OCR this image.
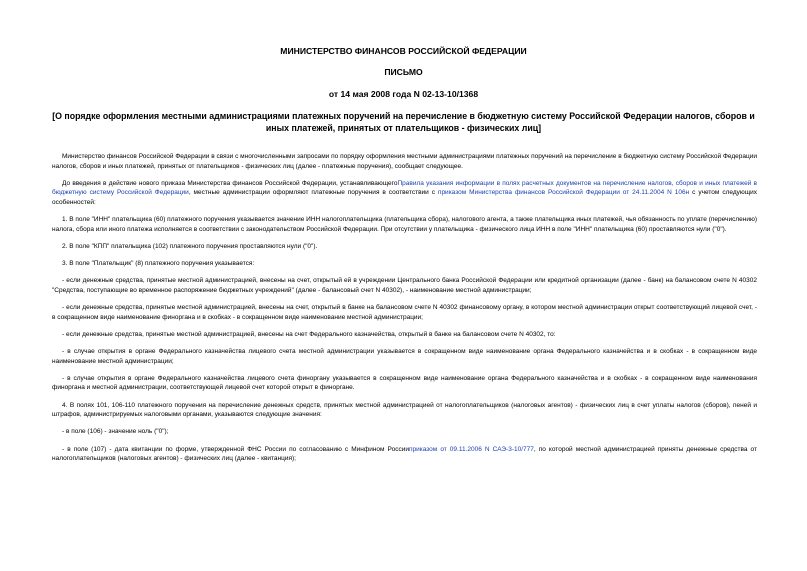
МИНИСТЕРСТВО ФИНАНСОВ РОССИЙСКОЙ ФЕДЕРАЦИИ

ПИСЬМО

от 14 мая 2008 года N 02-13-10/1368

[О порядке оформления местными администрациями платежных поручений на перечисление в бюджетную систему Российской Федерации налогов, сборов и иных платежей, принятых от плательщиков - физических лиц]

Министерство финансов Российской Федерации в связи с многочисленными запросами по порядку оформления местными администрациями платежных поручений на перечисление в бюджетную систему Российской Федерации налогов, сборов и иных платежей, принятых от плательщиков - физических лиц (далее - платежные поручения), сообщает следующее.

До введения в действие нового приказа Министерства финансов Российской Федерации, устанавливающегоПравила указания информации в полях расчетных документов на перечисление налогов, сборов и иных платежей в бюджетную систему Российской Федерации, местные администрации оформляют платежные поручения в соответствии с приказом Министерства финансов Российской Федерации от 24.11.2004 N 106н с учетом следующих особенностей:

1. В поле "ИНН" плательщика (60) платежного поручения указывается значение ИНН налогоплательщика (плательщика сбора), налогового агента, а также плательщика иных платежей, чья обязанность по уплате (перечислению) налога, сбора или иного платежа исполняется в соответствии с законодательством Российской Федерации. При отсутствии у плательщика - физического лица ИНН в поле "ИНН" плательщика (60) проставляются нули ("0").

2. В поле "КПП" плательщика (102) платежного поручения проставляются нули ("0").

3. В поле "Плательщик" (8) платежного поручения указывается:

- если денежные средства, принятые местной администрацией, внесены на счет, открытый ей в учреждении Центрального банка Российской Федерации или кредитной организации (далее - банк) на балансовом счете N 40302 "Средства, поступающие во временное распоряжение бюджетных учреждений" (далее - балансовый счет N 40302), - наименование местной администрации;

- если денежные средства, принятые местной администрацией, внесены на счет, открытый в банке на балансовом счете N 40302 финансовому органу, в котором местной администрации открыт соответствующий лицевой счет, - в сокращенном виде наименование финоргана и в скобках - в сокращенном виде наименование местной администрации;

- если денежные средства, принятые местной администрацией, внесены на счет Федерального казначейства, открытый в банке на балансовом счете N 40302, то:

- в случае открытия в органе Федерального казначейства лицевого счета местной администрации указывается в сокращенном виде наименование органа Федерального казначейства и в скобках - в сокращенном виде наименование местной администрации;

- в случае открытия в органе Федерального казначейства лицевого счета финоргану указывается в сокращенном виде наименование органа Федерального казначейства и в скобках - в сокращенном виде наименования финоргана и местной администрации, соответствующей лицевой счет которой открыт в финоргане.

4. В полях 101, 106-110 платежного поручения на перечисление денежных средств, принятых местной администрацией от налогоплательщиков (налоговых агентов) - физических лиц в счет уплаты налогов (сборов), пеней и штрафов, администрируемых налоговыми органами, указываются следующие значения:

- в поле (106) - значение ноль ("0");

- в поле (107) - дата квитанции по форме, утвержденной ФНС России по согласованию с Минфином Россииприказом от 09.11.2006 N САЭ-3-10/777, по которой местной администрацией приняты денежные средства от налогоплательщиков (налоговых агентов) - физических лиц (далее - квитанция);
